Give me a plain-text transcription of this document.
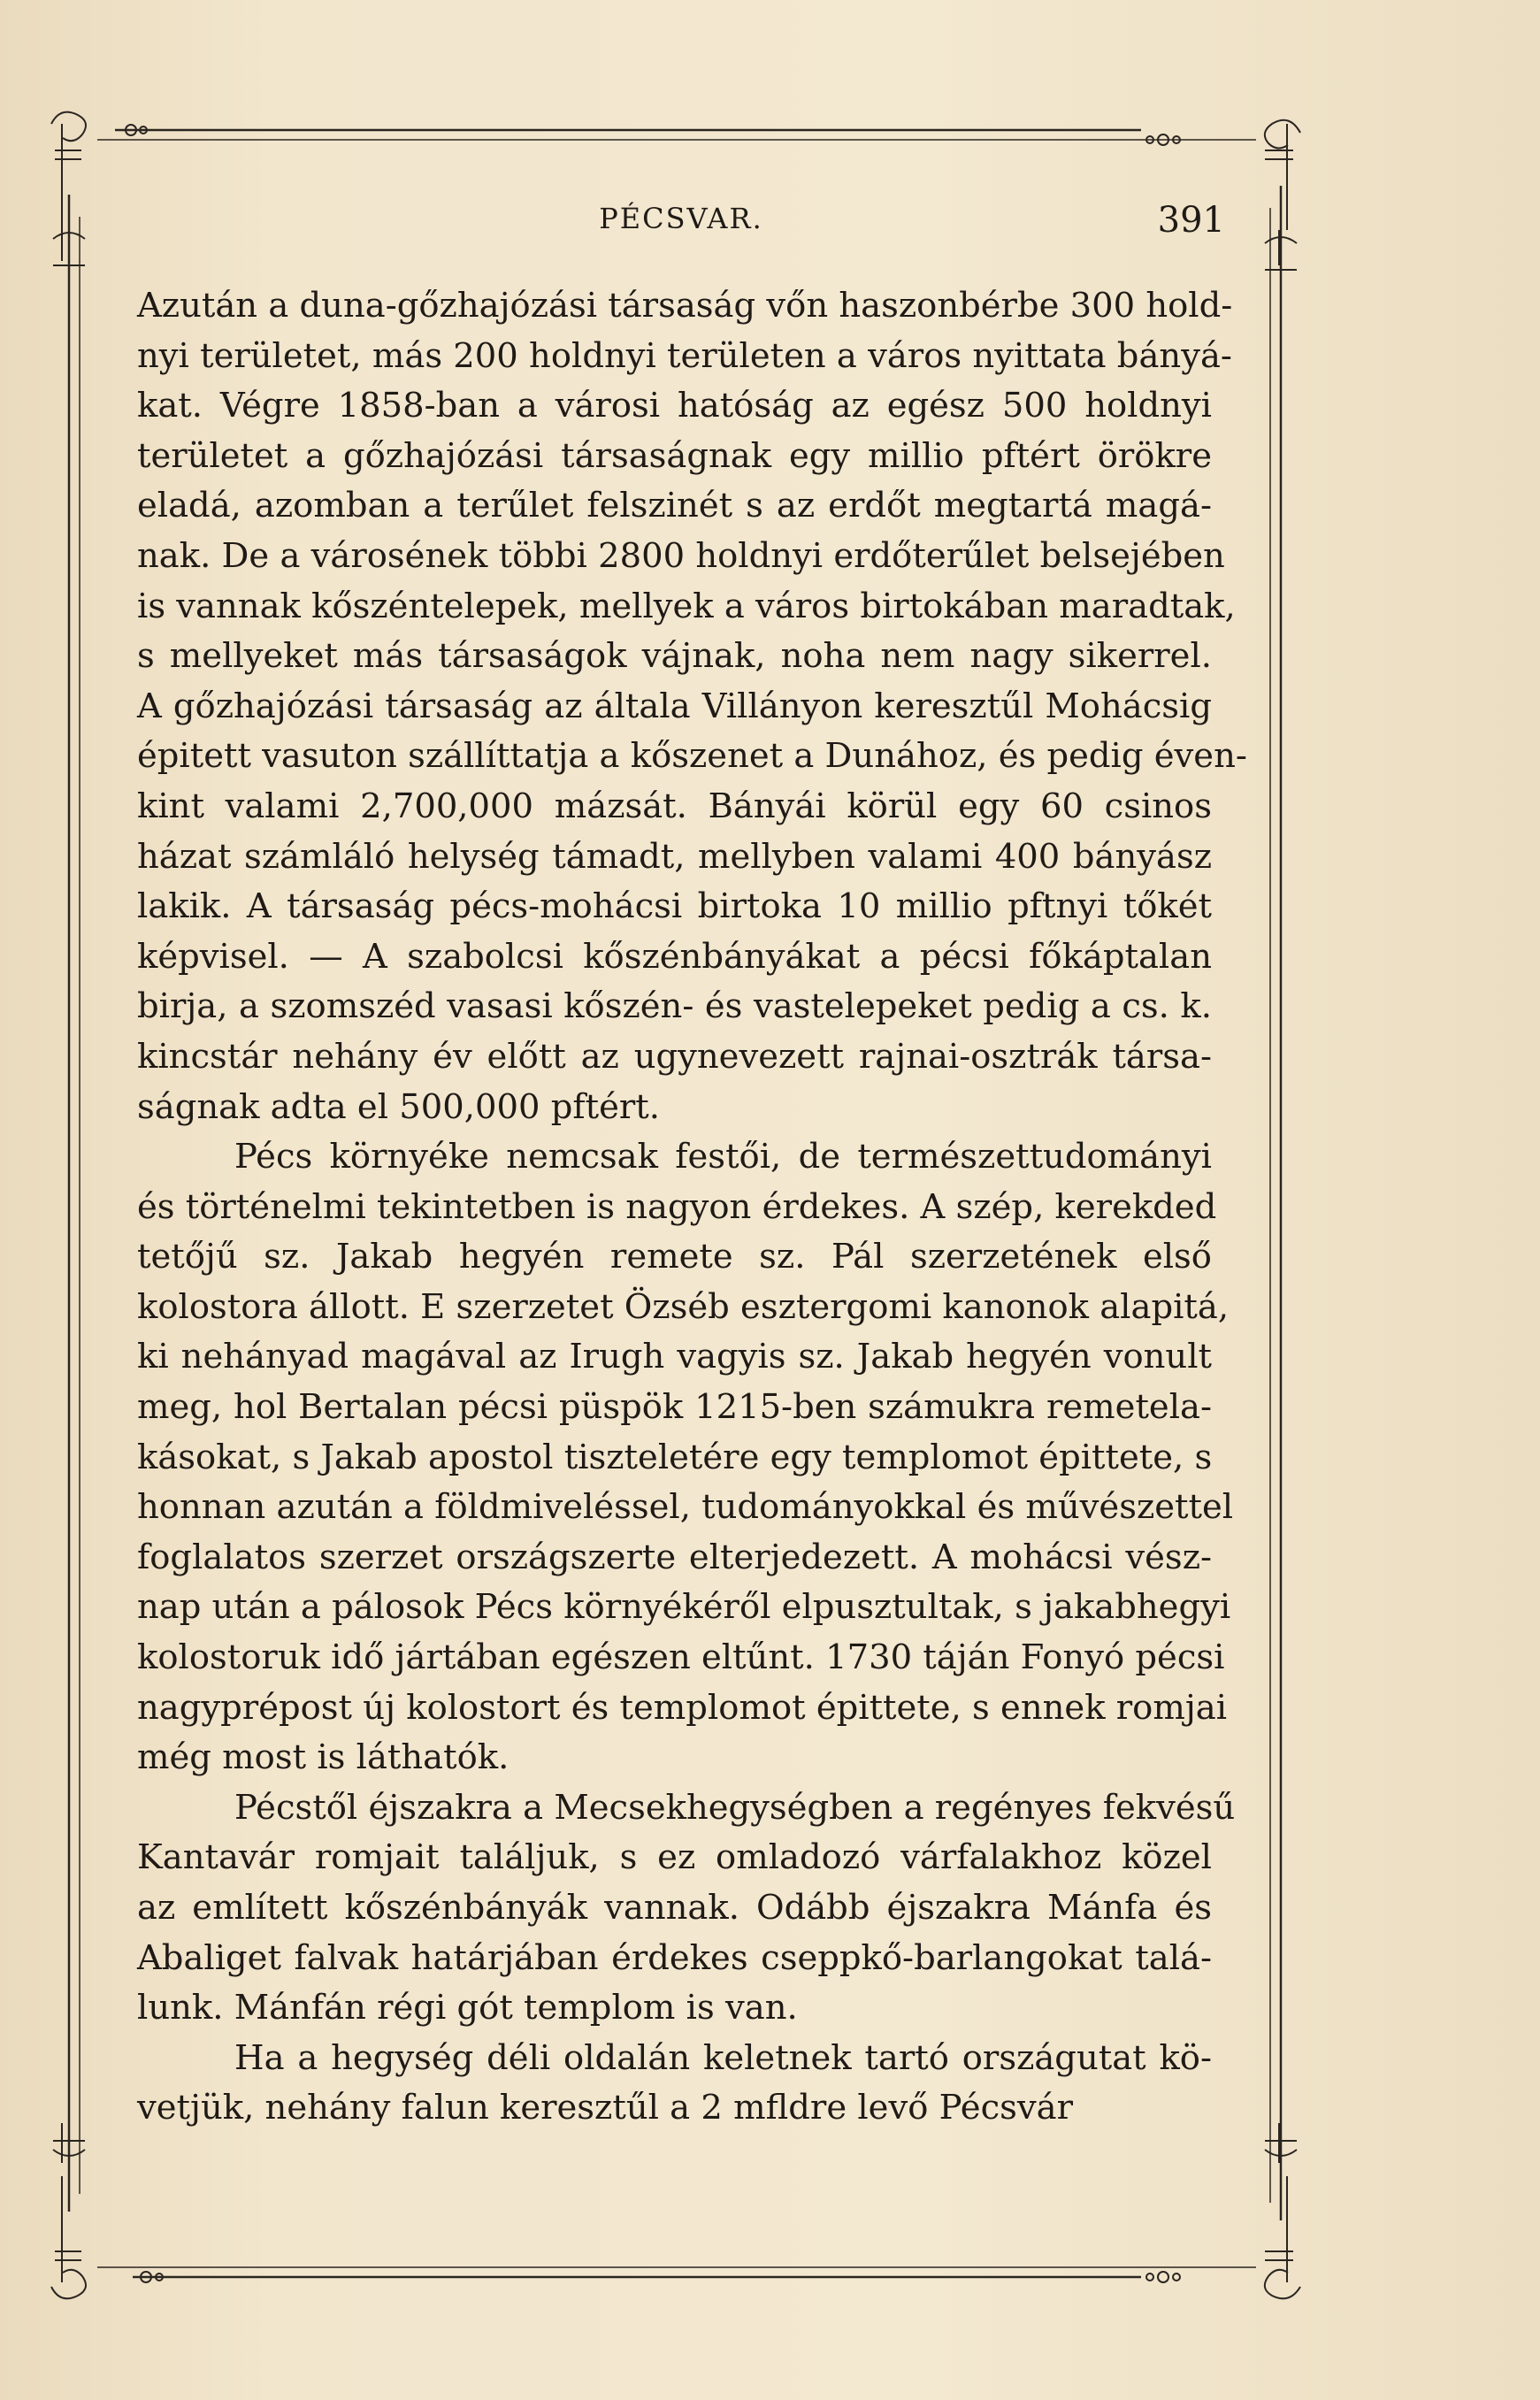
PÉCSVAR.	391
Azután a duna-gőzhajózási társaság vőn haszonbérbe 300 hold-
nyi területet, más 200 holdnyi területen a város nyittata bányá-
kat. Végre 1858-ban a városi hatóság az egész 500 holdnyi
területet a gőzhajózási társaságnak egy millio pftért örökre
eladá, azomban a terűlet felszinét s az erdőt megtartá magá-
nak. De a városének többi 2800 holdnyi erdőterűlet belsejében
is vannak kőszéntelepek, mellyek a város birtokában maradtak,
s mellyeket más társaságok vájnak, noha nem nagy sikerrel.
A gőzhajózási társaság az általa Villányon keresztűl Mohácsig
épitett vasuton szállíttatja a kőszenet a Dunához, és pedig éven-
kint valami 2,700,000 mázsát. Bányái körül egy 60 csinos
házat számláló helység támadt, mellyben valami 400 bányász
lakik. A társaság pécs-mohácsi birtoka 10 millio pftnyi tőkét
képvisel. — A szabolcsi kőszénbányákat a pécsi főkáptalan
birja, a szomszéd vasasi kőszén- és vastelepeket pedig a cs. k.
kincstár nehány év előtt az ugynevezett rajnai-osztrák társa-
ságnak adta el 500,000 pftért.
Pécs környéke nemcsak festői, de természettudományi
és történelmi tekintetben is nagyon érdekes. A szép, kerekded
tetőjű sz. Jakab hegyén remete sz. Pál szerzetének első
kolostora állott. E szerzetet Özséb esztergomi kanonok alapitá,
ki nehányad magával az Irugh vagyis sz. Jakab hegyén vonult
meg, hol Bertalan pécsi püspök 1215-ben számukra remetela-
kásokat, s Jakab apostol tiszteletére egy templomot épittete, s
honnan azután a földmiveléssel, tudományokkal és művészettel
foglalatos szerzet országszerte elterjedezett. A mohácsi vész-
nap után a pálosok Pécs környékéről elpusztultak, s jakabhegyi
kolostoruk idő jártában egészen eltűnt. 1730 táján Fonyó pécsi
nagyprépost új kolostort és templomot épittete, s ennek romjai
még most is láthatók.
Pécstől éjszakra a Mecsekhegységben a regényes fekvésű
Kantavár romjait találjuk, s ez omladozó várfalakhoz közel
az említett kőszénbányák vannak. Odább éjszakra Mánfa és
Abaliget falvak határjában érdekes cseppkő-barlangokat talá-
lunk. Mánfán régi gót templom is van.
Ha a hegység déli oldalán keletnek tartó országutat kö-
vetjük, nehány falun keresztűl a 2 mfldre levő Pécsvár
